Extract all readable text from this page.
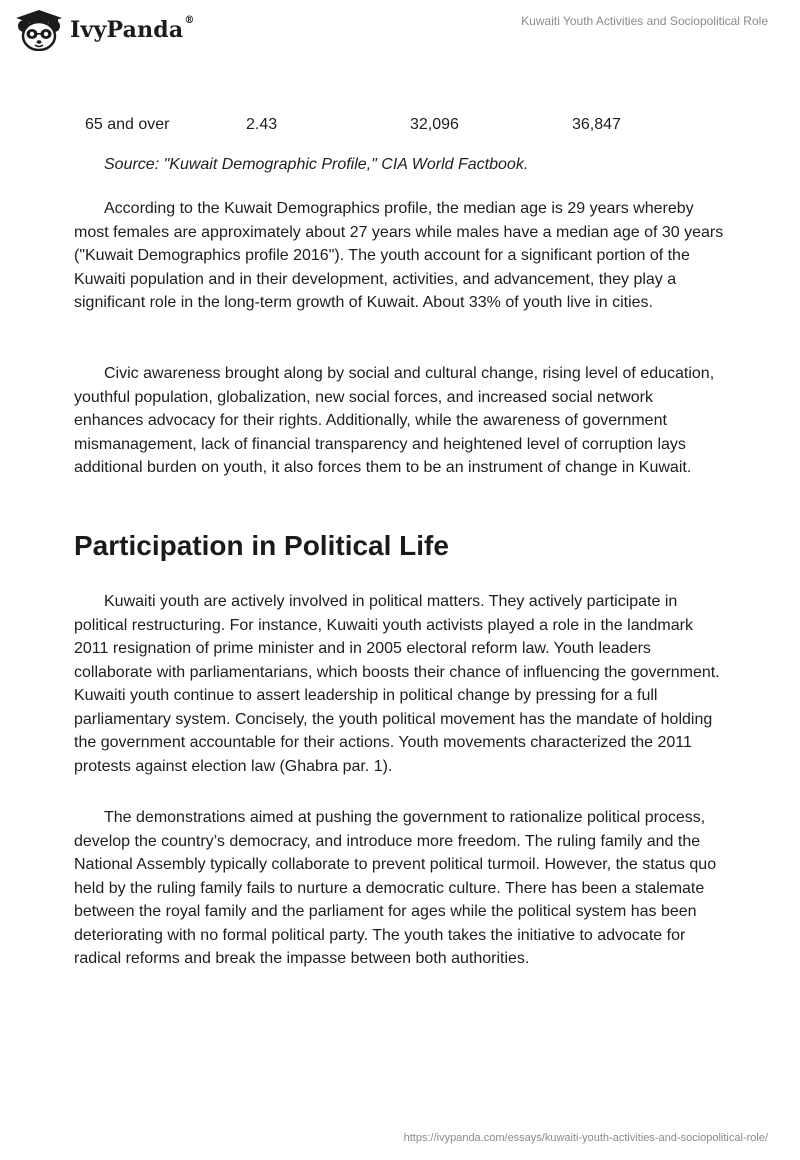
IvyPanda®	Kuwaiti Youth Activities and Sociopolitical Role
65 and over	2.43	32,096	36,847
Source: "Kuwait Demographic Profile," CIA World Factbook.

According to the Kuwait Demographics profile, the median age is 29 years whereby most females are approximately about 27 years while males have a median age of 30 years ("Kuwait Demographics profile 2016"). The youth account for a significant portion of the Kuwaiti population and in their development, activities, and advancement, they play a significant role in the long-term growth of Kuwait. About 33% of youth live in cities.

Civic awareness brought along by social and cultural change, rising level of education, youthful population, globalization, new social forces, and increased social network enhances advocacy for their rights. Additionally, while the awareness of government mismanagement, lack of financial transparency and heightened level of corruption lays additional burden on youth, it also forces them to be an instrument of change in Kuwait.

Participation in Political Life

Kuwaiti youth are actively involved in political matters. They actively participate in political restructuring. For instance, Kuwaiti youth activists played a role in the landmark 2011 resignation of prime minister and in 2005 electoral reform law. Youth leaders collaborate with parliamentarians, which boosts their chance of influencing the government. Kuwaiti youth continue to assert leadership in political change by pressing for a full parliamentary system. Concisely, the youth political movement has the mandate of holding the government accountable for their actions. Youth movements characterized the 2011 protests against election law (Ghabra par. 1).

The demonstrations aimed at pushing the government to rationalize political process, develop the country’s democracy, and introduce more freedom. The ruling family and the National Assembly typically collaborate to prevent political turmoil. However, the status quo held by the ruling family fails to nurture a democratic culture. There has been a stalemate between the royal family and the parliament for ages while the political system has been deteriorating with no formal political party. The youth takes the initiative to advocate for radical reforms and break the impasse between both authorities.

https://ivypanda.com/essays/kuwaiti-youth-activities-and-sociopolitical-role/
